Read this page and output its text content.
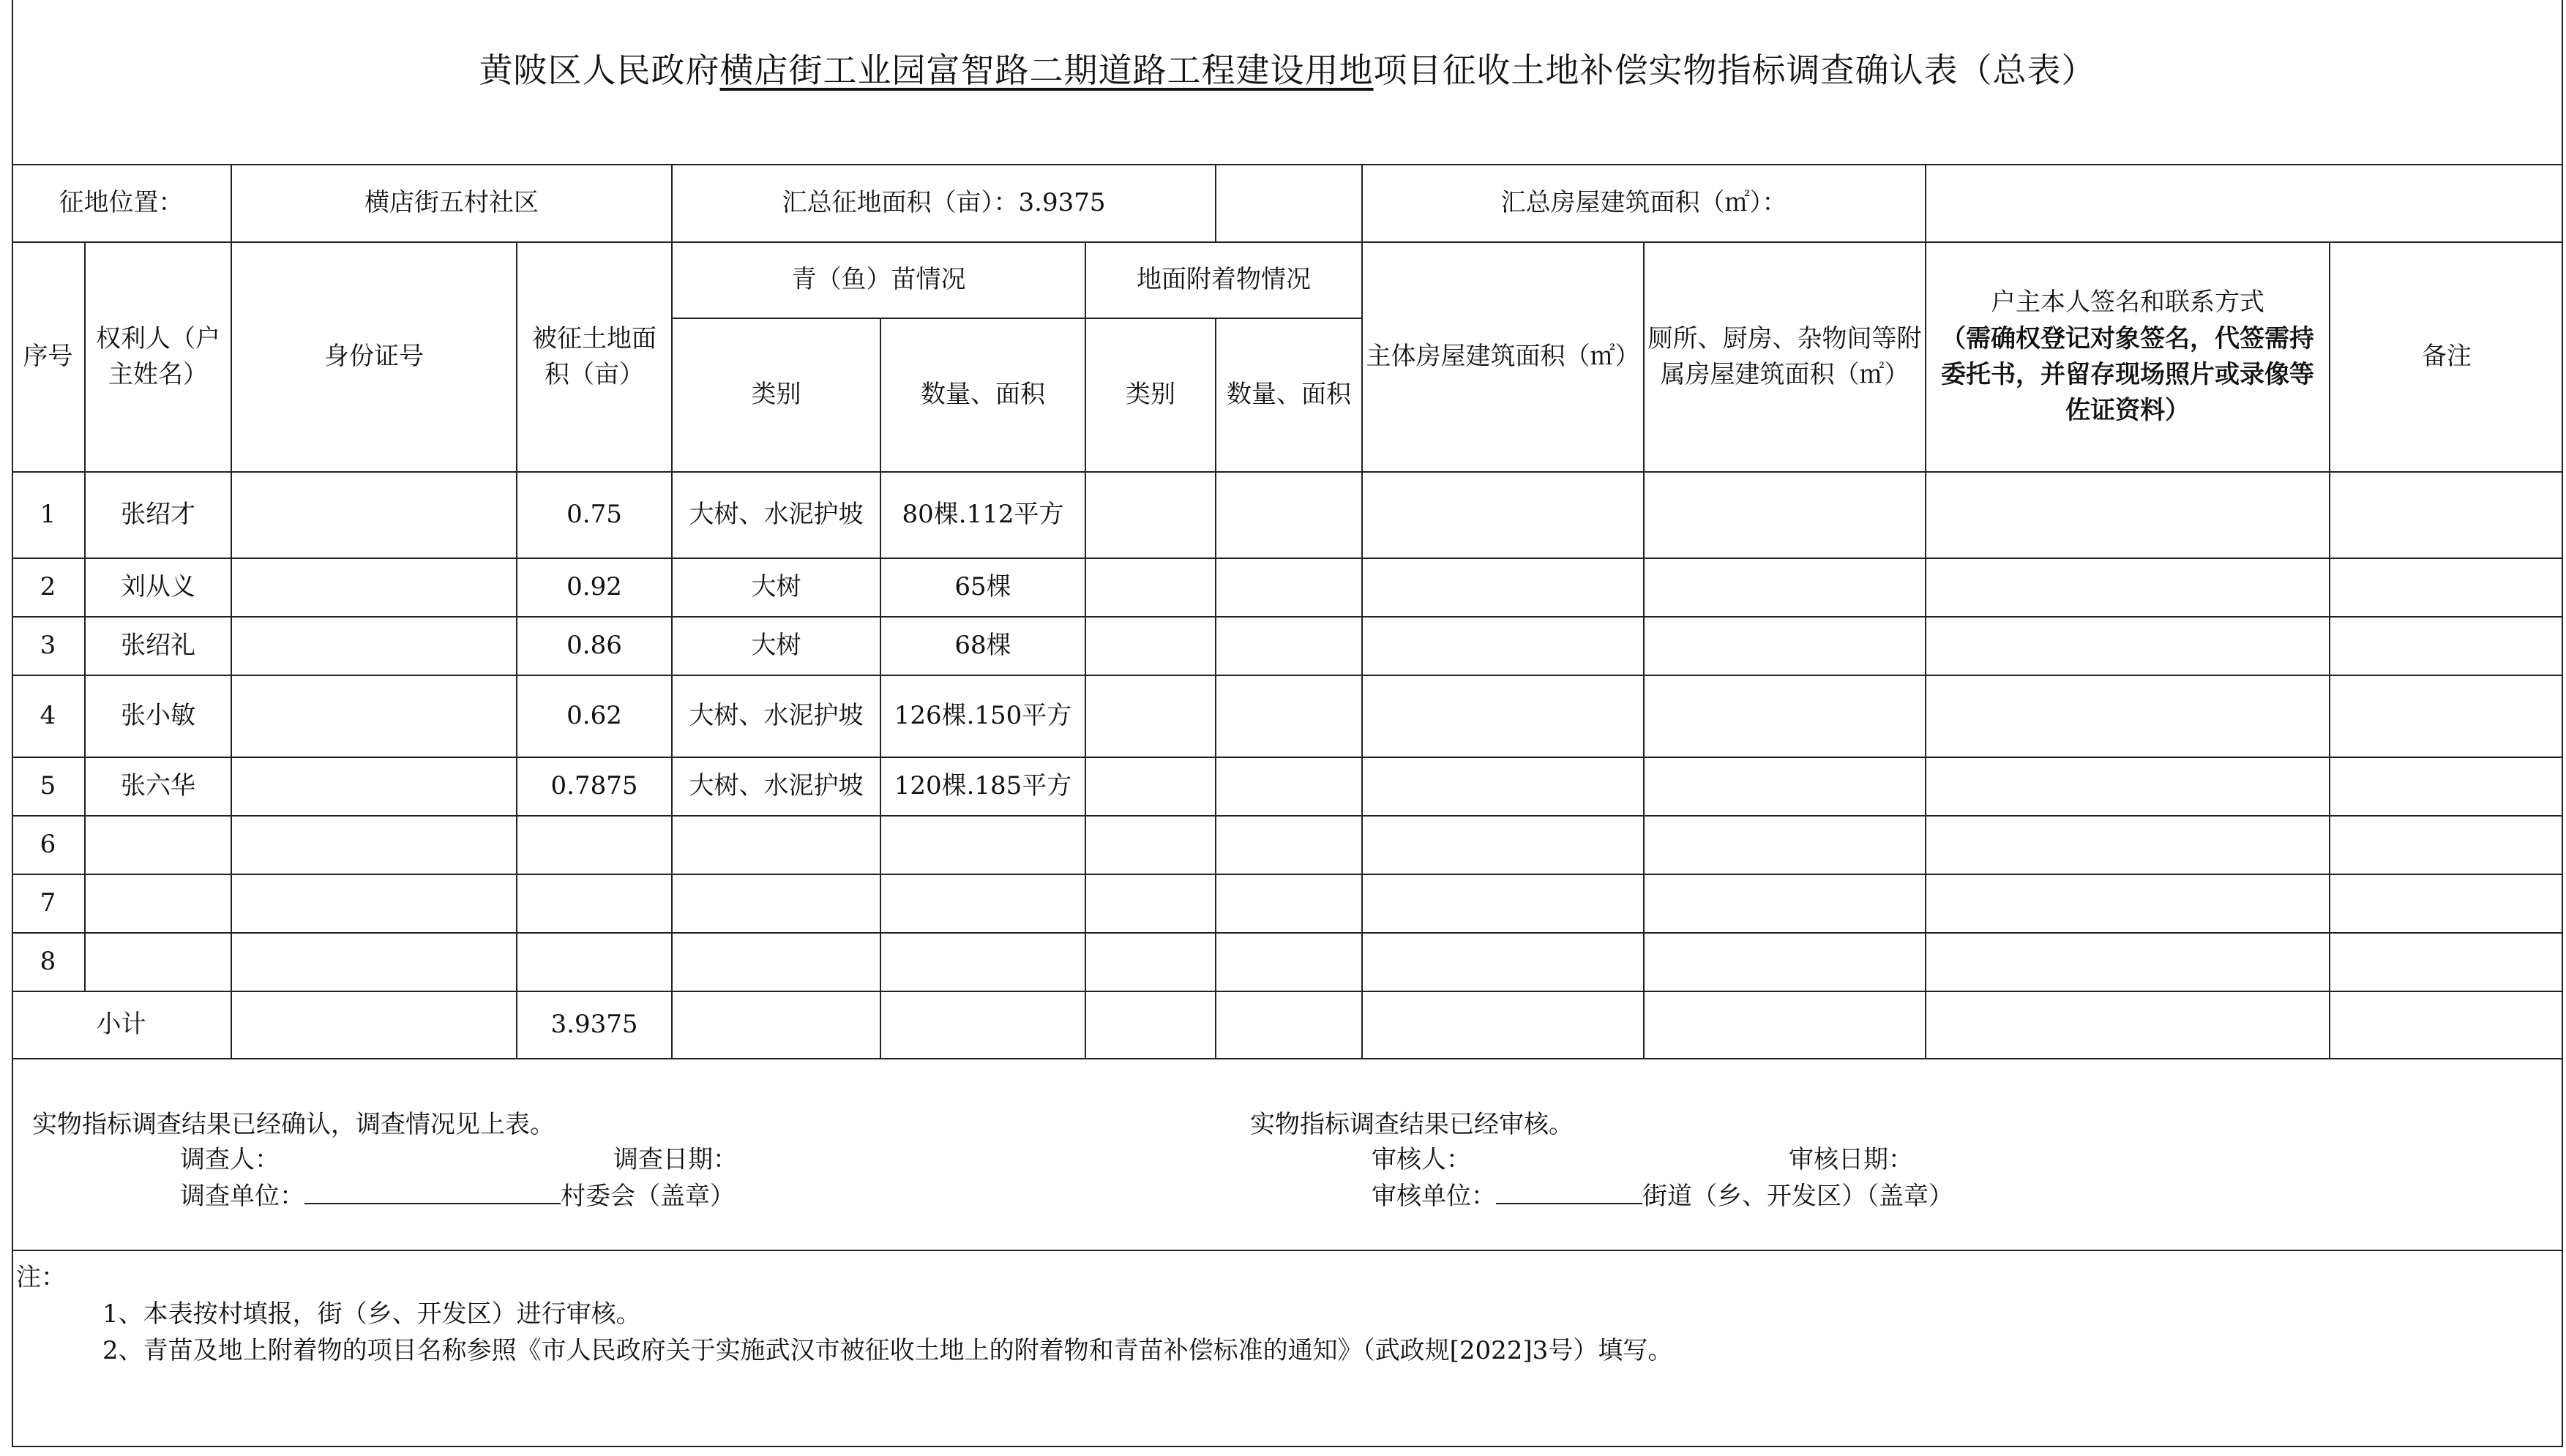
黄陂区人民政府横店街工业园富智路二期道路工程建设用地项目征收土地补偿实物指标调查确认表（总表）
征地位置：		横店街五村社区		汇总征地面积（亩）：3.9375				汇总房屋建筑面积（㎡）：			
序号	权利人（户主姓名）	身份证号	被征土地面积（亩）	青（鱼）苗情况		地面附着物情况		主体房屋建筑面积（㎡）	厕所、厨房、杂物间等附属房屋建筑面积（㎡）	户主本人签名和联系方式
（需确权登记对象签名，代签需持委托书，并留存现场照片或录像等佐证资料）	备注
				类别	数量、面积	类别	数量、面积				
1	张绍才		0.75	大树、水泥护坡	80棵.112平方						
2	刘从义		0.92	大树	65棵						
3	张绍礼		0.86	大树	68棵						
4	张小敏		0.62	大树、水泥护坡	126棵.150平方						
5	张六华		0.7875	大树、水泥护坡	120棵.185平方						
6											
7											
8											
小计			3.9375								
实物指标调查结果已经确认，调查情况见上表。
调查人：	调查日期：
调查单位：	村委会（盖章）
实物指标调查结果已经审核。
审核人：	审核日期：
审核单位：	街道（乡、开发区）（盖章）
注：
1、本表按村填报，街（乡、开发区）进行审核。
2、青苗及地上附着物的项目名称参照《市人民政府关于实施武汉市被征收土地上的附着物和青苗补偿标准的通知》（武政规[2022]3号）填写。
